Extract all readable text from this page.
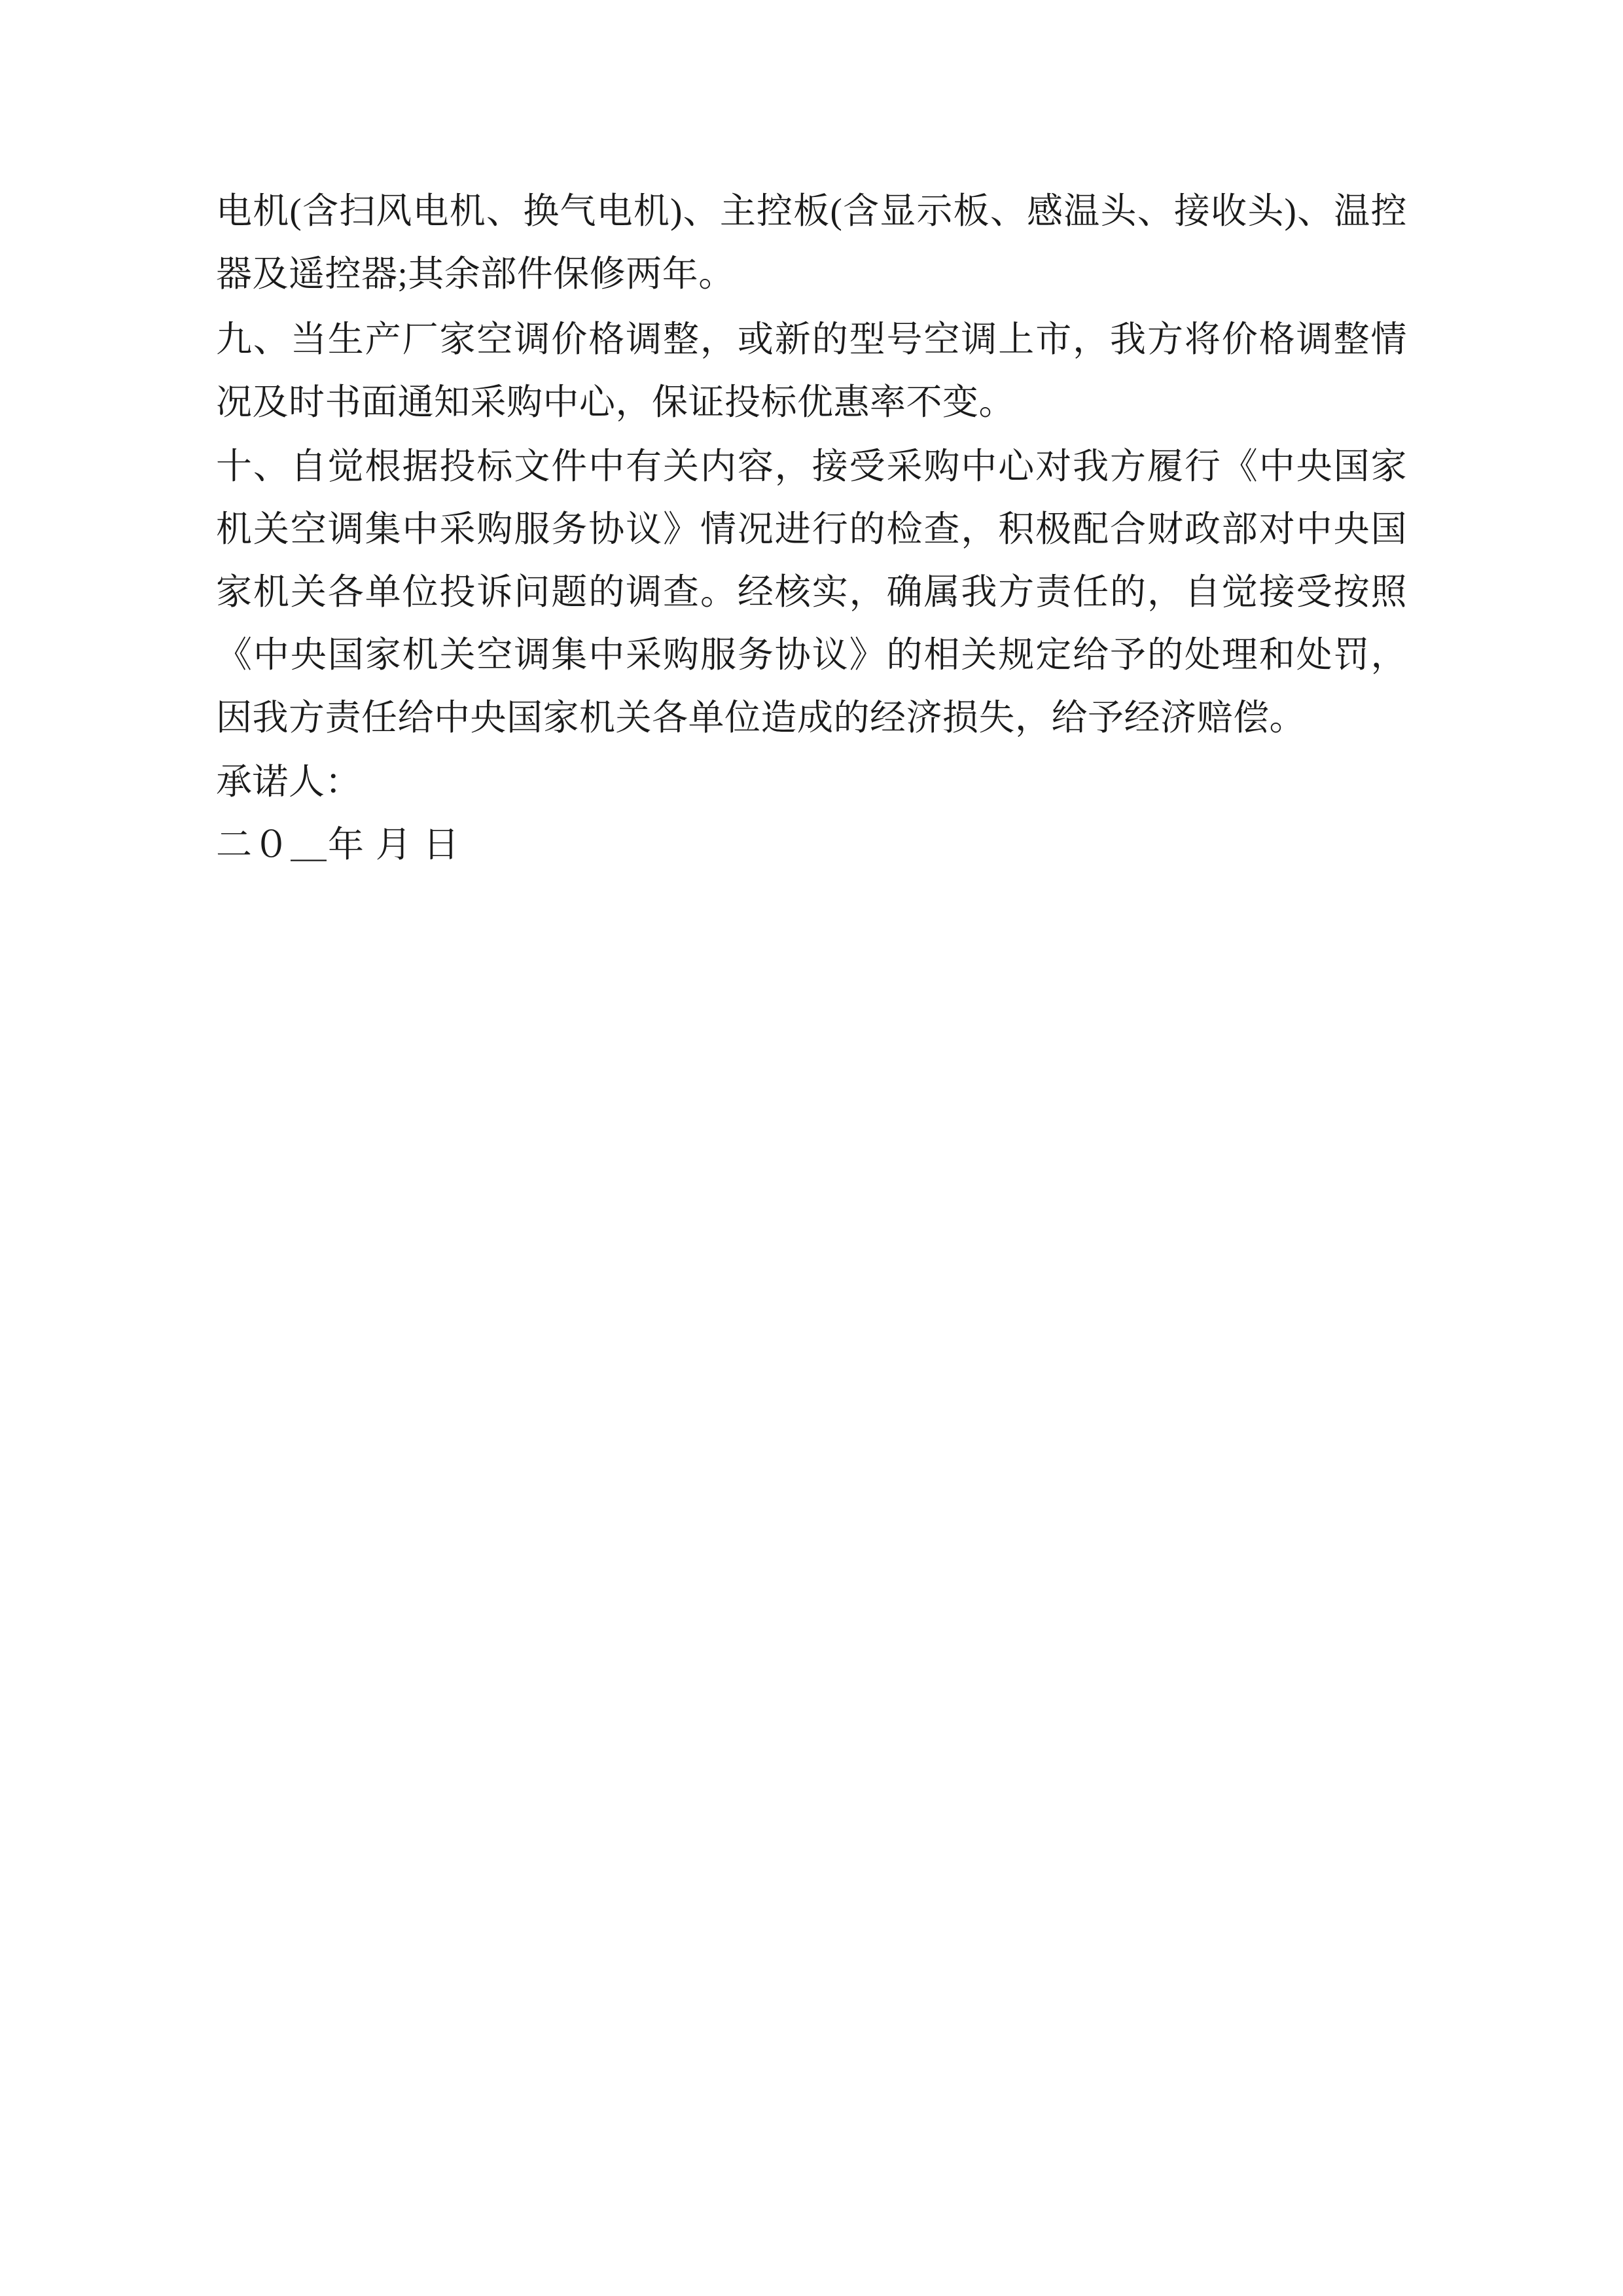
电机(含扫风电机、换气电机)、主控板(含显示板、感温头、接收头)、温控器及遥控器;其余部件保修两年。

九、当生产厂家空调价格调整，或新的型号空调上市，我方将价格调整情况及时书面通知采购中心，保证投标优惠率不变。

十、自觉根据投标文件中有关内容，接受采购中心对我方履行《中央国家机关空调集中采购服务协议》情况进行的检查，积极配合财政部对中央国家机关各单位投诉问题的调查。经核实，确属我方责任的，自觉接受按照《中央国家机关空调集中采购服务协议》的相关规定给予的处理和处罚，因我方责任给中央国家机关各单位造成的经济损失，给予经济赔偿。

承诺人：

二０＿年 月 日
